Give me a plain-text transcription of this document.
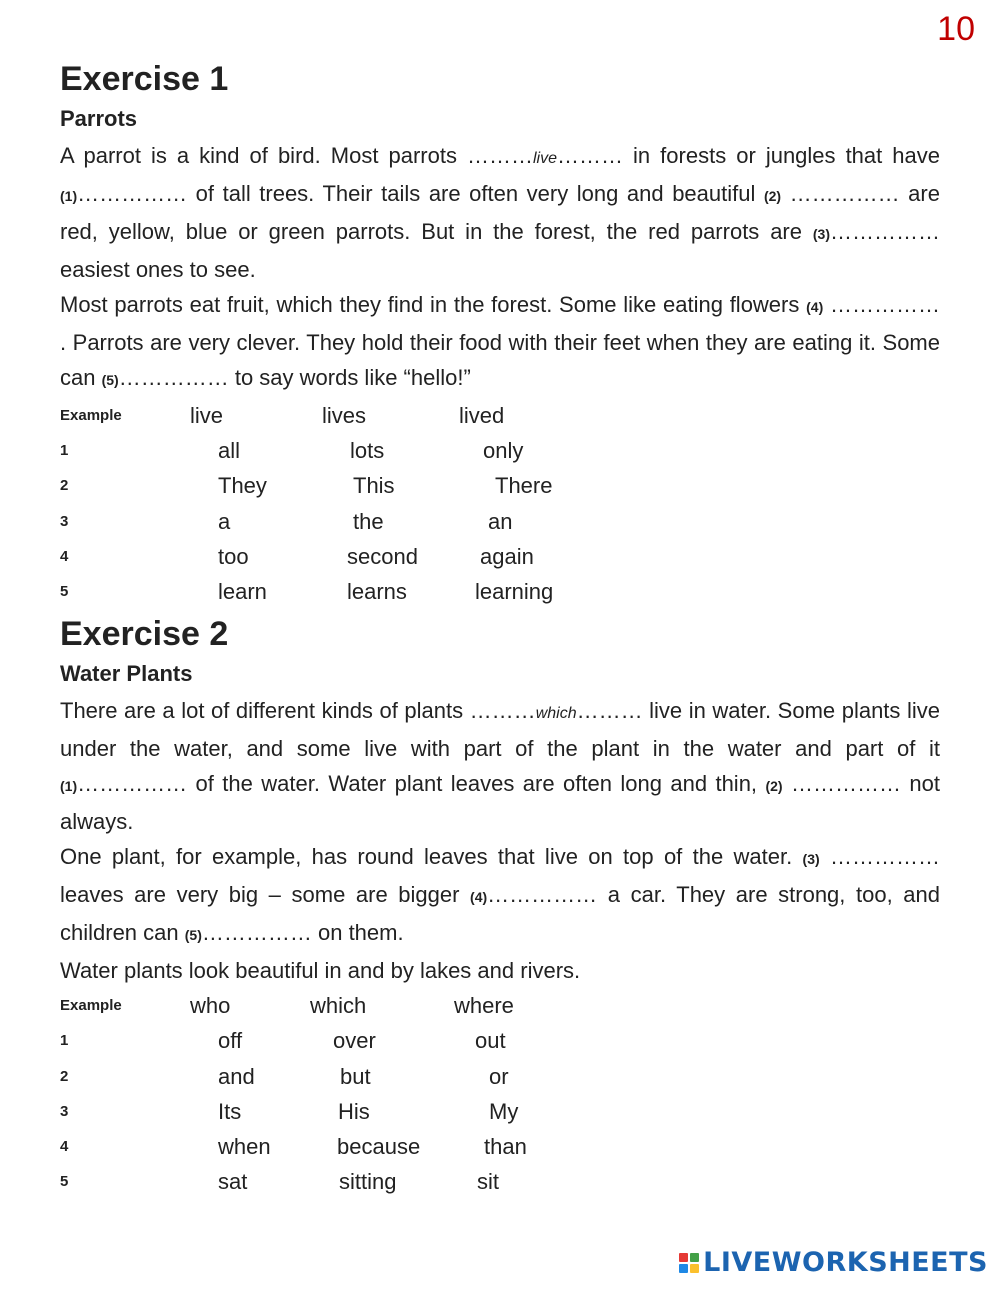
10
Exercise 1
Parrots

A parrot is a kind of bird. Most parrots ………live……… in forests or jungles that have (1)…………… of tall trees. Their tails are often very long and beautiful (2) …………… are red, yellow, blue or green parrots. But in the forest, the red parrots are (3)…………… easiest ones to see.

Most parrots eat fruit, which they find in the forest. Some like eating flowers (4) …………… . Parrots are very clever. They hold their food with their feet when they are eating it. Some can (5)…………… to say words like “hello!”

Example	live	lives	lived
1	all	lots	only
2	They	This	There
3	a	the	an
4	too	second	again
5	learn	learns	learning
Exercise 2
Water Plants

There are a lot of different kinds of plants ………which……… live in water. Some plants live under the water, and some live with part of the plant in the water and part of it (1)…………… of the water. Water plant leaves are often long and thin, (2) …………… not always.

One plant, for example, has round leaves that live on top of the water. (3) …………… leaves are very big – some are bigger (4)…………… a car. They are strong, too, and children can (5)…………… on them.

Water plants look beautiful in and by lakes and rivers.

Example	who	which	where
1	off	over	out
2	and	but	or
3	Its	His	My
4	when	because	than
5	sat	sitting	sit
LIVEWORKSHEETS
